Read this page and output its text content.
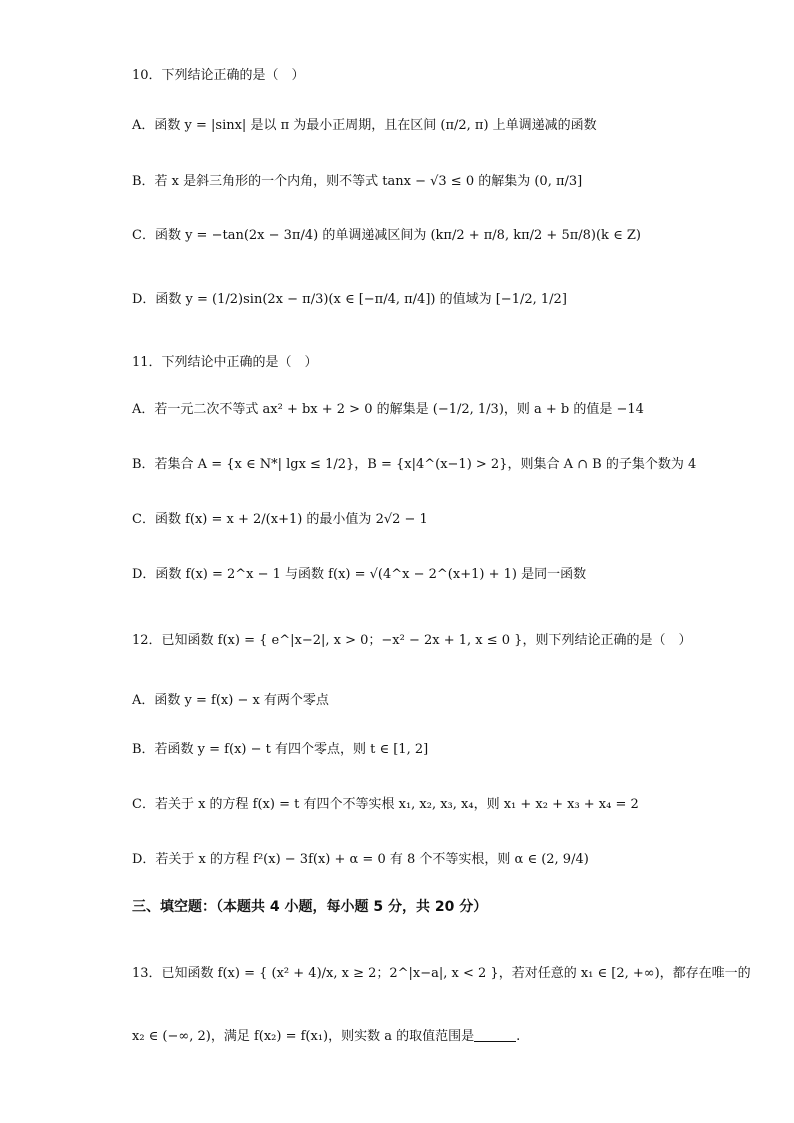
10．下列结论正确的是（　）
A．函数 y = |sinx| 是以 π 为最小正周期，且在区间 (π/2, π) 上单调递减的函数
B．若 x 是斜三角形的一个内角，则不等式 tanx − √3 ≤ 0 的解集为 (0, π/3]
C．函数 y = −tan(2x − 3π/4) 的单调递减区间为 (kπ/2 + π/8, kπ/2 + 5π/8)(k ∈ Z)
D．函数 y = (1/2)sin(2x − π/3)(x ∈ [−π/4, π/4]) 的值域为 [−1/2, 1/2]
11．下列结论中正确的是（　）
A．若一元二次不等式 ax² + bx + 2 > 0 的解集是 (−1/2, 1/3)，则 a + b 的值是 −14
B．若集合 A = {x ∈ N*| lgx ≤ 1/2}，B = {x|4^(x−1) > 2}，则集合 A ∩ B 的子集个数为 4
C．函数 f(x) = x + 2/(x+1) 的最小值为 2√2 − 1
D．函数 f(x) = 2^x − 1 与函数 f(x) = √(4^x − 2^(x+1) + 1) 是同一函数
12．已知函数 f(x) = { e^|x−2|, x > 0；−x² − 2x + 1, x ≤ 0 }，则下列结论正确的是（　）
A．函数 y = f(x) − x 有两个零点
B．若函数 y = f(x) − t 有四个零点，则 t ∈ [1, 2]
C．若关于 x 的方程 f(x) = t 有四个不等实根 x₁, x₂, x₃, x₄，则 x₁ + x₂ + x₃ + x₄ = 2
D．若关于 x 的方程 f²(x) − 3f(x) + α = 0 有 8 个不等实根，则 α ∈ (2, 9/4)
三、填空题：（本题共 4 小题，每小题 5 分，共 20 分）
13．已知函数 f(x) = { (x² + 4)/x, x ≥ 2；2^|x−a|, x < 2 }，若对任意的 x₁ ∈ [2, +∞)，都存在唯一的
x₂ ∈ (−∞, 2)，满足 f(x₂) = f(x₁)，则实数 a 的取值范围是	.
